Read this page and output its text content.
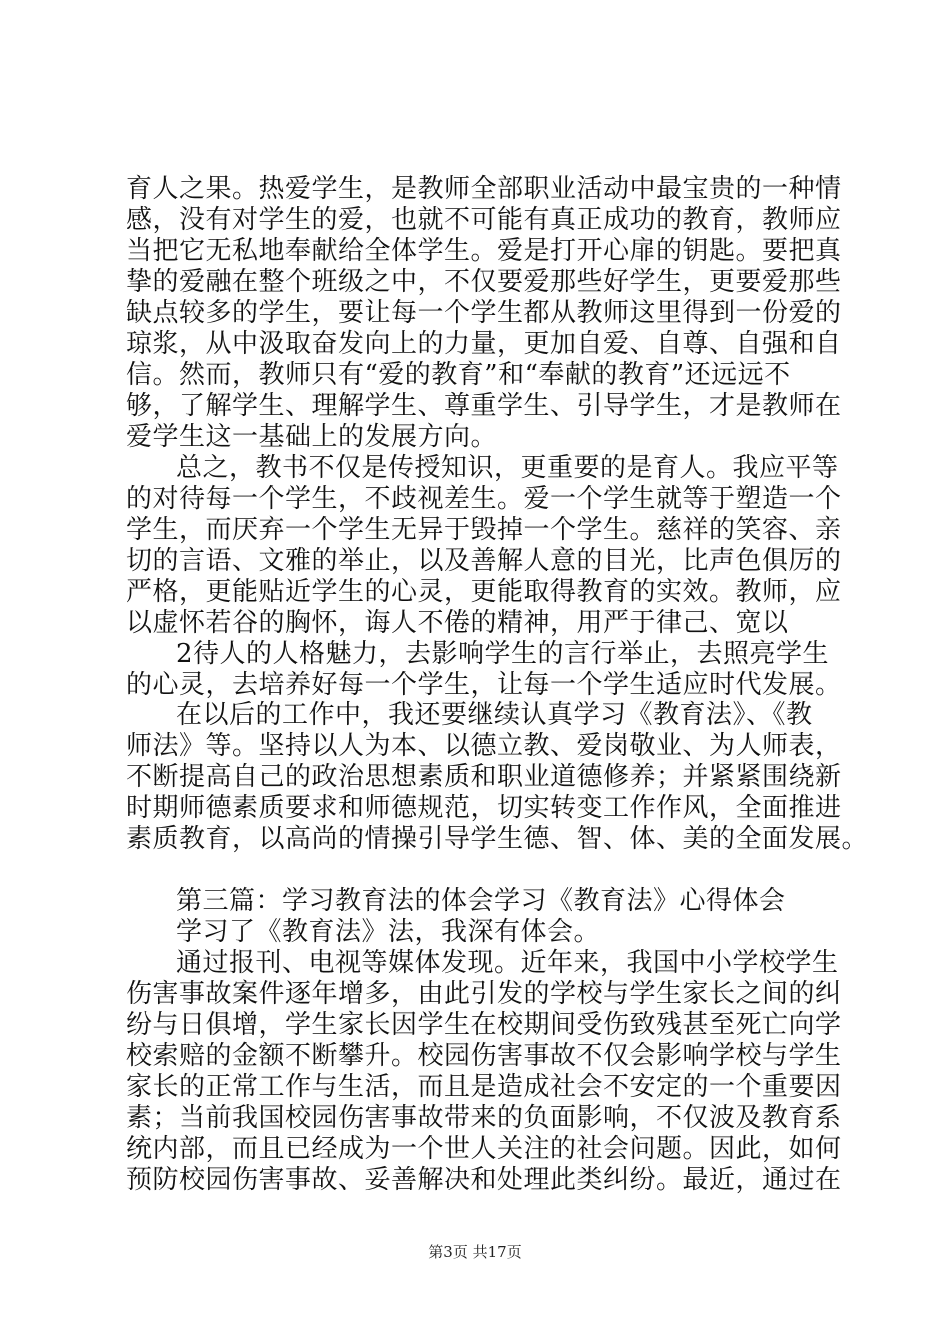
育人之果。热爱学生，是教师全部职业活动中最宝贵的一种情
感，没有对学生的爱，也就不可能有真正成功的教育，教师应
当把它无私地奉献给全体学生。爱是打开心扉的钥匙。要把真
挚的爱融在整个班级之中，不仅要爱那些好学生，更要爱那些
缺点较多的学生，要让每一个学生都从教师这里得到一份爱的
琼浆，从中汲取奋发向上的力量，更加自爱、自尊、自强和自
信。然而，教师只有“爱的教育”和“奉献的教育”还远远不
够，了解学生、理解学生、尊重学生、引导学生，才是教师在
爱学生这一基础上的发展方向。
总之，教书不仅是传授知识，更重要的是育人。我应平等
的对待每一个学生，不歧视差生。爱一个学生就等于塑造一个
学生，而厌弃一个学生无异于毁掉一个学生。慈祥的笑容、亲
切的言语、文雅的举止，以及善解人意的目光，比声色俱厉的
严格，更能贴近学生的心灵，更能取得教育的实效。教师，应
以虚怀若谷的胸怀，诲人不倦的精神，用严于律己、宽以
2待人的人格魅力，去影响学生的言行举止，去照亮学生
的心灵，去培养好每一个学生，让每一个学生适应时代发展。
在以后的工作中，我还要继续认真学习《教育法》、《教
师法》等。坚持以人为本、以德立教、爱岗敬业、为人师表，
不断提高自己的政治思想素质和职业道德修养；并紧紧围绕新
时期师德素质要求和师德规范，切实转变工作作风，全面推进
素质教育，以高尚的情操引导学生德、智、体、美的全面发展。
第三篇：学习教育法的体会学习《教育法》心得体会
学习了《教育法》法，我深有体会。
通过报刊、电视等媒体发现。近年来，我国中小学校学生
伤害事故案件逐年增多，由此引发的学校与学生家长之间的纠
纷与日俱增，学生家长因学生在校期间受伤致残甚至死亡向学
校索赔的金额不断攀升。校园伤害事故不仅会影响学校与学生
家长的正常工作与生活，而且是造成社会不安定的一个重要因
素；当前我国校园伤害事故带来的负面影响，不仅波及教育系
统内部，而且已经成为一个世人关注的社会问题。因此，如何
预防校园伤害事故、妥善解决和处理此类纠纷。最近，通过在
第3页 共17页
